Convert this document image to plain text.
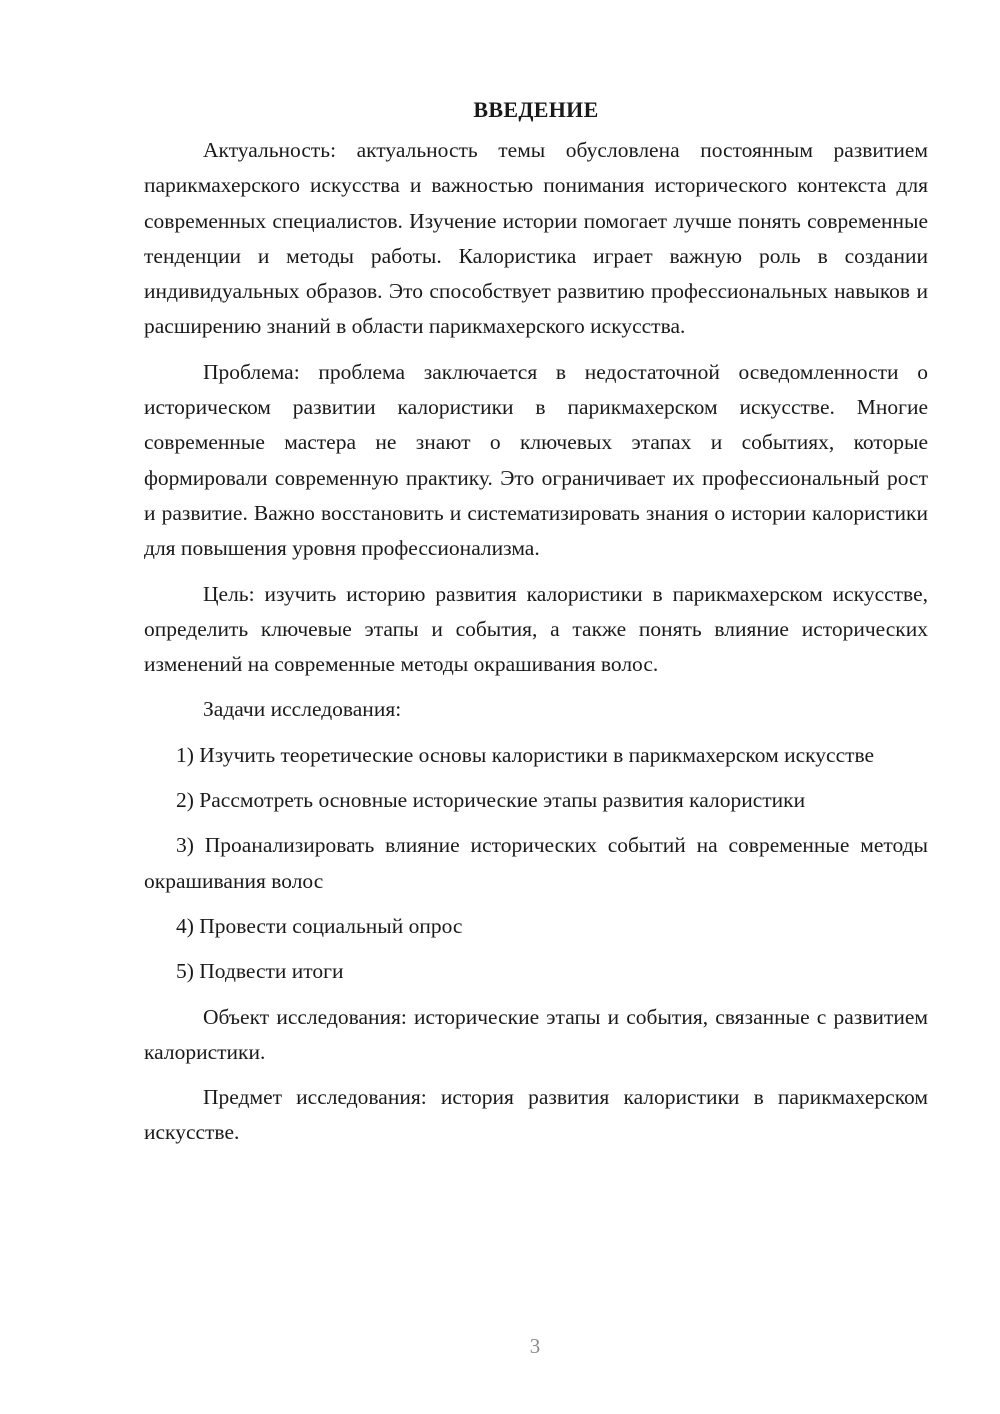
ВВЕДЕНИЕ

Актуальность: актуальность темы обусловлена постоянным развитием парикмахерского искусства и важностью понимания исторического контекста для современных специалистов. Изучение истории помогает лучше понять современные тенденции и методы работы. Калористика играет важную роль в создании индивидуальных образов. Это способствует развитию профессиональных навыков и расширению знаний в области парикмахерского искусства.

Проблема: проблема заключается в недостаточной осведомленности о историческом развитии калористики в парикмахерском искусстве. Многие современные мастера не знают о ключевых этапах и событиях, которые формировали современную практику. Это ограничивает их профессиональный рост и развитие. Важно восстановить и систематизировать знания о истории калористики для повышения уровня профессионализма.

Цель: изучить историю развития калористики в парикмахерском искусстве, определить ключевые этапы и события, а также понять влияние исторических изменений на современные методы окрашивания волос.

Задачи исследования:

1) Изучить теоретические основы калористики в парикмахерском искусстве

2) Рассмотреть основные исторические этапы развития калористики

3) Проанализировать влияние исторических событий на современные методы окрашивания волос

4) Провести социальный опрос

5) Подвести итоги

Объект исследования: исторические этапы и события, связанные с развитием калористики.

Предмет исследования: история развития калористики в парикмахерском искусстве.

3
